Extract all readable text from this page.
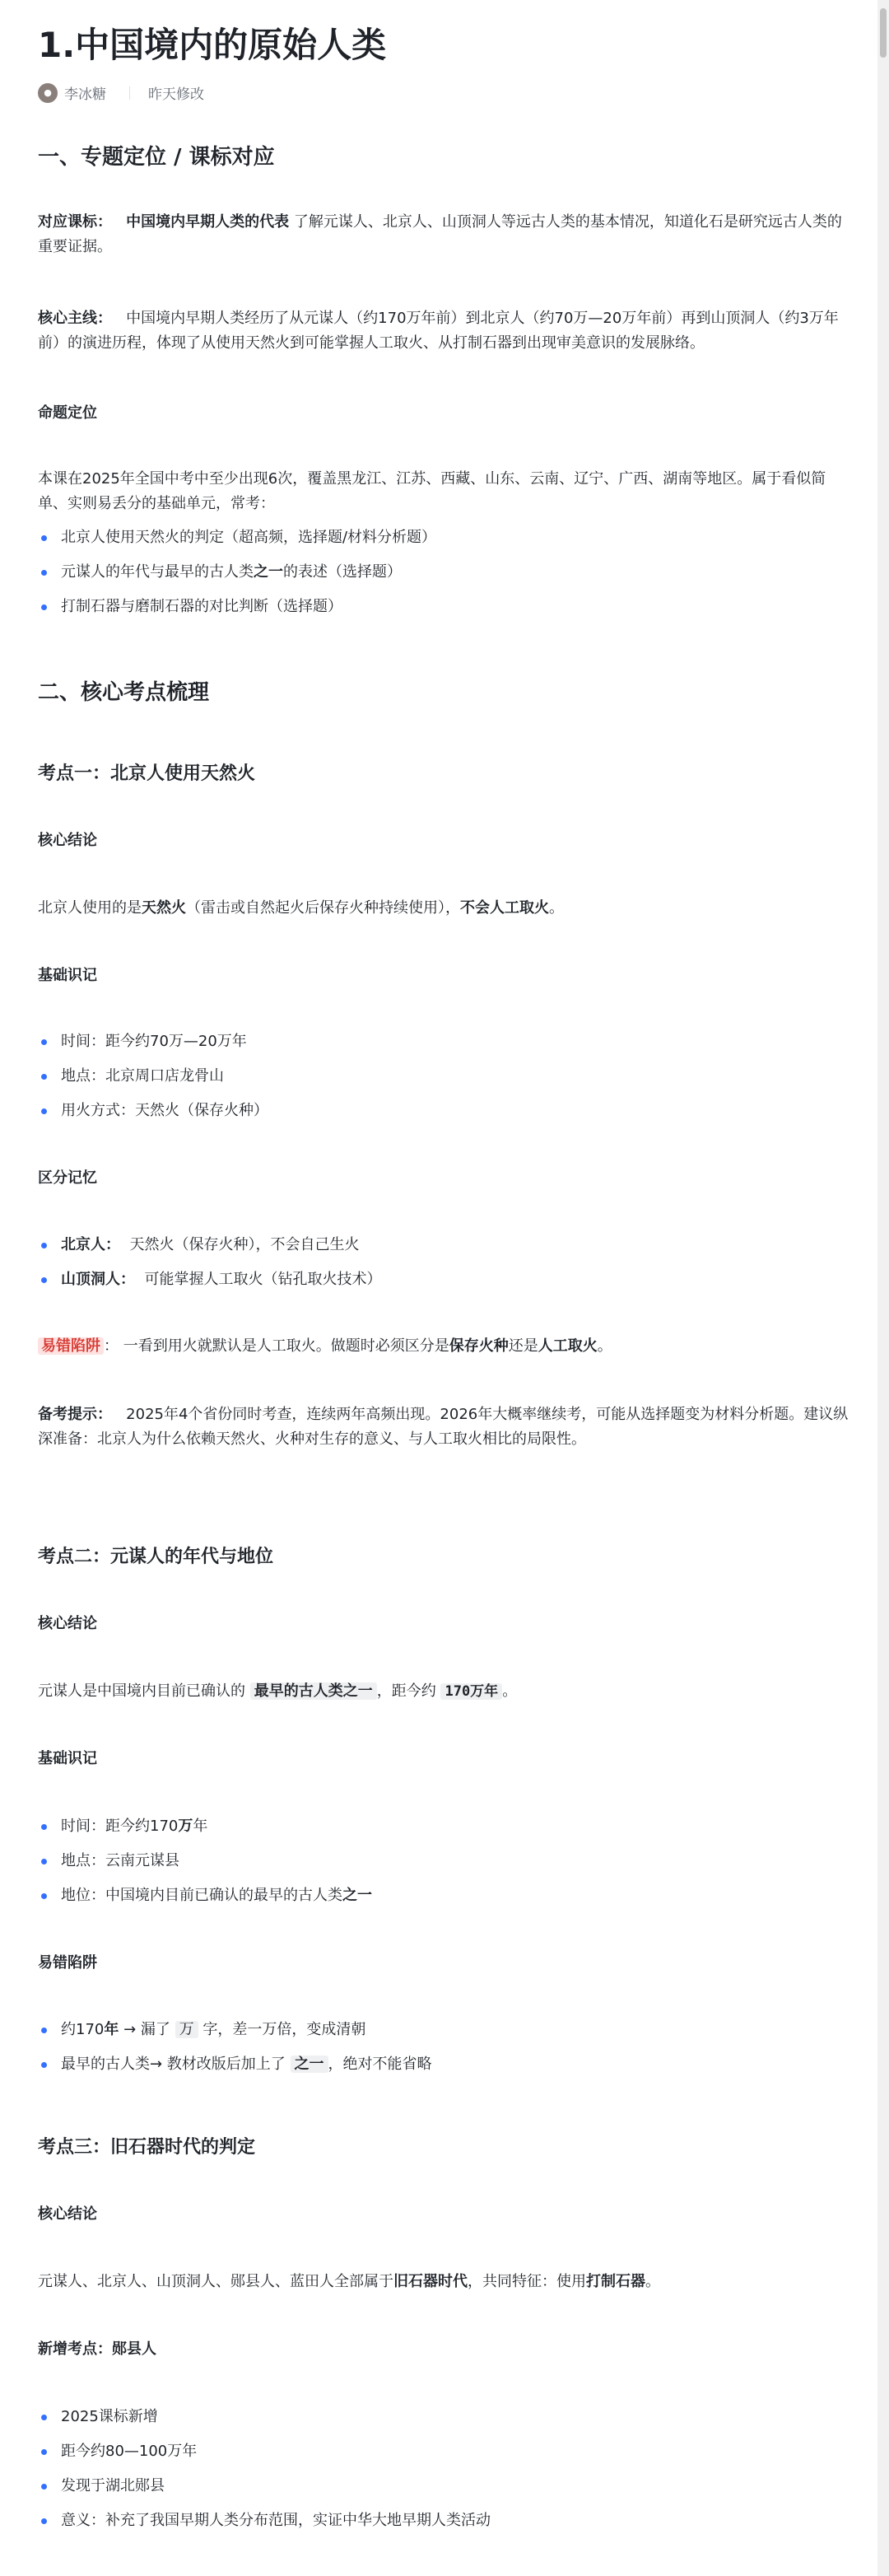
1.中国境内的原始人类
● 李冰糖	昨天修改
一、专题定位 / 课标对应

对应课标： 中国境内早期人类的代表 了解元谋人、北京人、山顶洞人等远古人类的基本情况，知道化石是研究远古人类的重要证据。

核心主线： 中国境内早期人类经历了从元谋人（约170万年前）到北京人（约70万—20万年前）再到山顶洞人（约3万年前）的演进历程，体现了从使用天然火到可能掌握人工取火、从打制石器到出现审美意识的发展脉络。

命题定位

本课在2025年全国中考中至少出现6次，覆盖黑龙江、江苏、西藏、山东、云南、辽宁、广西、湖南等地区。属于看似简单、实则易丢分的基础单元，常考：

北京人使用天然火的判定（超高频，选择题/材料分析题）

元谋人的年代与最早的古人类之一的表述（选择题）

打制石器与磨制石器的对比判断（选择题）

二、核心考点梳理
考点一：北京人使用天然火
核心结论

北京人使用的是天然火（雷击或自然起火后保存火种持续使用），不会人工取火。

基础识记

时间：距今约70万—20万年

地点：北京周口店龙骨山

用火方式：天然火（保存火种）

区分记忆

北京人： 天然火（保存火种），不会自己生火

山顶洞人： 可能掌握人工取火（钻孔取火技术）

易错陷阱 ： 一看到用火就默认是人工取火。做题时必须区分是保存火种还是人工取火。

备考提示： 2025年4个省份同时考查，连续两年高频出现。2026年大概率继续考，可能从选择题变为材料分析题。建议纵深准备：北京人为什么依赖天然火、火种对生存的意义、与人工取火相比的局限性。

考点二：元谋人的年代与地位
核心结论

元谋人是中国境内目前已确认的 最早的古人类之一 ，距今约 170万年 。

基础识记

时间：距今约170万年

地点：云南元谋县

地位：中国境内目前已确认的最早的古人类之一

易错陷阱

约170年 → 漏了 万 字，差一万倍，变成清朝

最早的古人类→ 教材改版后加上了 之一 ，绝对不能省略

考点三：旧石器时代的判定
核心结论

元谋人、北京人、山顶洞人、郧县人、蓝田人全部属于旧石器时代，共同特征：使用打制石器。

新增考点：郧县人

2025课标新增

距今约80—100万年

发现于湖北郧县

意义：补充了我国早期人类分布范围，实证中华大地早期人类活动
